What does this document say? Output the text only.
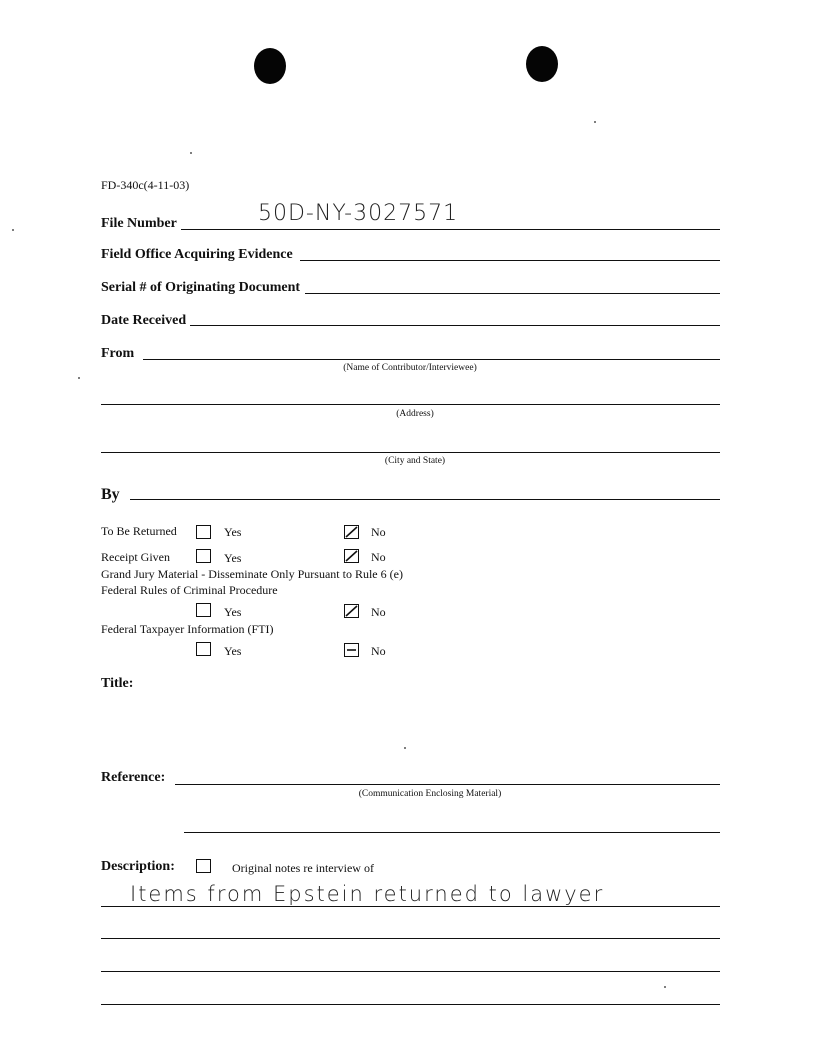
FD-340c(4-11-03)
File Number	50D-NY-3027571
Field Office Acquiring Evidence
Serial # of Originating Document
Date Received
From
(Name of Contributor/Interviewee)
(Address)
(City and State)
By
To Be Returned	Yes	No
Receipt Given	Yes	No
Grand Jury Material - Disseminate Only Pursuant to Rule 6 (e)
Federal Rules of Criminal Procedure
Yes	No
Federal Taxpayer Information (FTI)
Yes	No
Title:
Reference:
(Communication Enclosing Material)
Description:	Original notes re interview of
Items from Epstein returned to lawyer
